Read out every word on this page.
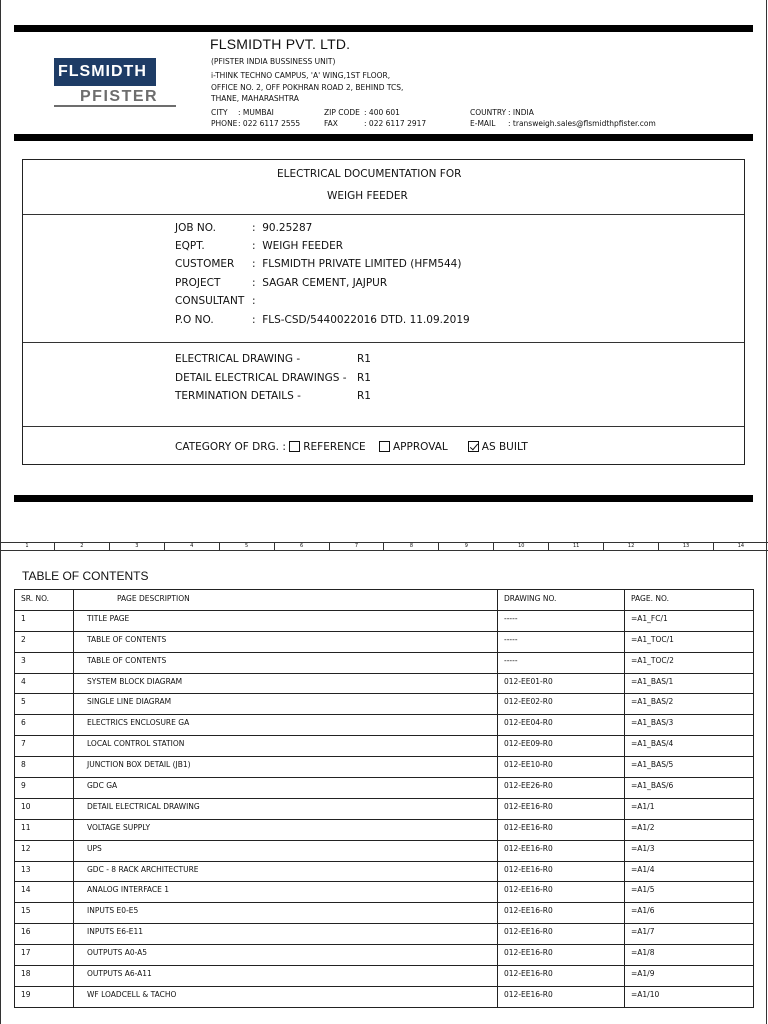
FLSMIDTH
PFISTER
FLSMIDTH PVT. LTD.
(PFISTER INDIA BUSSINESS UNIT)
i-THINK TECHNO CAMPUS, 'A' WING,1ST FLOOR,
OFFICE NO. 2, OFF POKHRAN ROAD 2, BEHIND TCS,
THANE, MAHARASHTRA
CITY : MUMBAI	ZIP CODE : 400 601	COUNTRY : INDIA
PHONE : 022 6117 2555	FAX	: 022 6117 2917	E-MAIL : transweigh.sales@flsmidthpfister.com
ELECTRICAL DOCUMENTATION FOR
WEIGH FEEDER
JOB NO.	:  90.25287
EQPT.	:  WEIGH FEEDER
CUSTOMER :  FLSMIDTH PRIVATE LIMITED (HFM544)
PROJECT	:  SAGAR CEMENT, JAJPUR
CONSULTANT :
P.O NO.	:  FLS-CSD/5440022016 DTD. 11.09.2019
ELECTRICAL DRAWING -	R1
DETAIL ELECTRICAL DRAWINGS - R1
TERMINATION DETAILS -	R1
CATEGORY OF DRG. : REFERENCE	APPROVAL	AS BUILT
1	2	3	4	5	6	7	8	9	10	11	12	13	14
TABLE OF CONTENTS
SR. NO.	PAGE DESCRIPTION	DRAWING NO.	PAGE. NO.
1	TITLE PAGE	-----	=A1_FC/1
2	TABLE OF CONTENTS	-----	=A1_TOC/1
3	TABLE OF CONTENTS	-----	=A1_TOC/2
4	SYSTEM BLOCK DIAGRAM	012-EE01-R0	=A1_BAS/1
5	SINGLE LINE DIAGRAM	012-EE02-R0	=A1_BAS/2
6	ELECTRICS ENCLOSURE GA	012-EE04-R0	=A1_BAS/3
7	LOCAL CONTROL STATION	012-EE09-R0	=A1_BAS/4
8	JUNCTION BOX DETAIL (JB1)	012-EE10-R0	=A1_BAS/5
9	GDC GA	012-EE26-R0	=A1_BAS/6
10	DETAIL ELECTRICAL DRAWING	012-EE16-R0	=A1/1
11	VOLTAGE SUPPLY	012-EE16-R0	=A1/2
12	UPS	012-EE16-R0	=A1/3
13	GDC - 8 RACK ARCHITECTURE	012-EE16-R0	=A1/4
14	ANALOG INTERFACE 1	012-EE16-R0	=A1/5
15	INPUTS E0-E5	012-EE16-R0	=A1/6
16	INPUTS E6-E11	012-EE16-R0	=A1/7
17	OUTPUTS A0-A5	012-EE16-R0	=A1/8
18	OUTPUTS A6-A11	012-EE16-R0	=A1/9
19	WF LOADCELL & TACHO	012-EE16-R0	=A1/10
